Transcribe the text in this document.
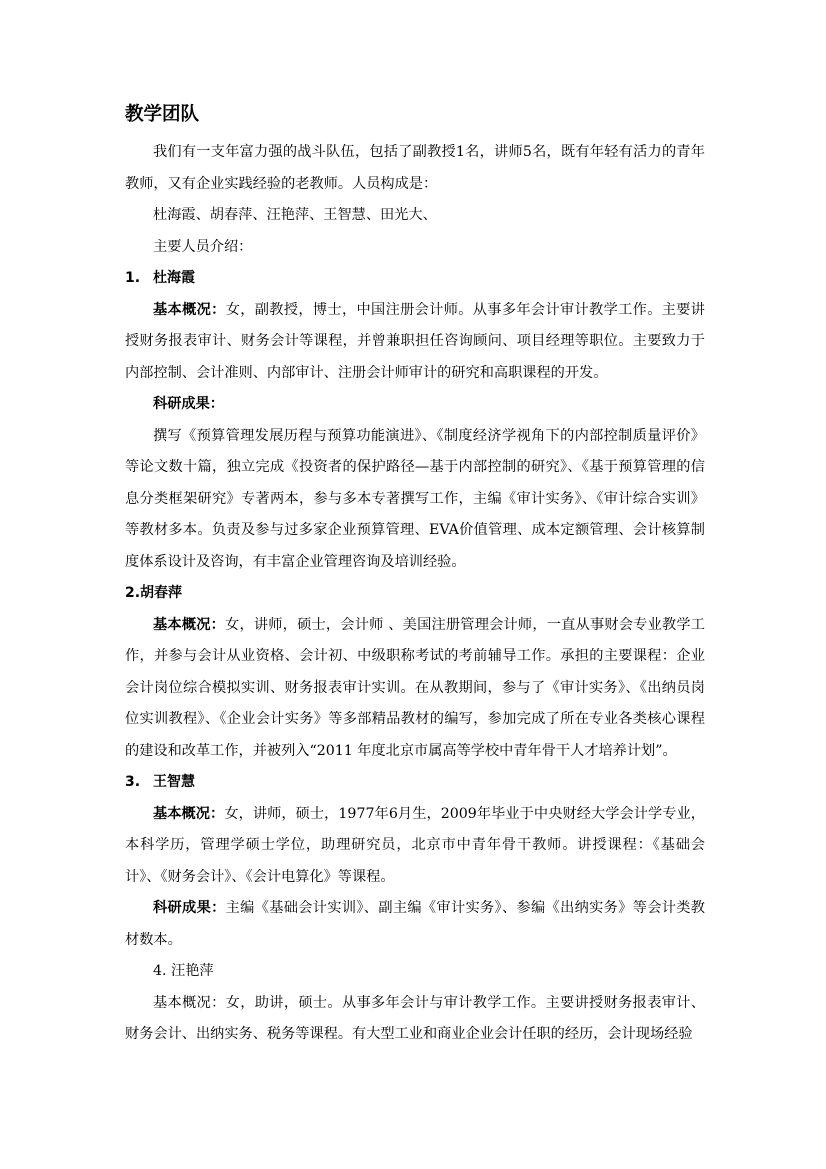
教学团队

我们有一支年富力强的战斗队伍，包括了副教授1名，讲师5名，既有年轻有活力的青年教师，又有企业实践经验的老教师。人员构成是：

杜海霞、胡春萍、汪艳萍、王智慧、田光大、

主要人员介绍：

1. 杜海霞

基本概况：女，副教授，博士，中国注册会计师。从事多年会计审计教学工作。主要讲授财务报表审计、财务会计等课程，并曾兼职担任咨询顾问、项目经理等职位。主要致力于内部控制、会计准则、内部审计、注册会计师审计的研究和高职课程的开发。

科研成果：

撰写《预算管理发展历程与预算功能演进》、《制度经济学视角下的内部控制质量评价》等论文数十篇，独立完成《投资者的保护路径—基于内部控制的研究》、《基于预算管理的信息分类框架研究》专著两本，参与多本专著撰写工作，主编《审计实务》、《审计综合实训》等教材多本。负责及参与过多家企业预算管理、EVA价值管理、成本定额管理、会计核算制度体系设计及咨询，有丰富企业管理咨询及培训经验。

2.胡春萍

基本概况：女，讲师，硕士，会计师 、美国注册管理会计师，一直从事财会专业教学工作，并参与会计从业资格、会计初、中级职称考试的考前辅导工作。承担的主要课程：企业会计岗位综合模拟实训、财务报表审计实训。在从教期间，参与了《审计实务》、《出纳员岗位实训教程》、《企业会计实务》等多部精品教材的编写，参加完成了所在专业各类核心课程的建设和改革工作，并被列入“2011 年度北京市属高等学校中青年骨干人才培养计划”。

3. 王智慧

基本概况：女，讲师，硕士，1977年6月生，2009年毕业于中央财经大学会计学专业，本科学历，管理学硕士学位，助理研究员，北京市中青年骨干教师。讲授课程：《基础会计》、《财务会计》、《会计电算化》等课程。

科研成果：主编《基础会计实训》、副主编《审计实务》、参编《出纳实务》等会计类教材数本。

4. 汪艳萍

基本概况：女，助讲，硕士。从事多年会计与审计教学工作。主要讲授财务报表审计、财务会计、出纳实务、税务等课程。有大型工业和商业企业会计任职的经历，会计现场经验
